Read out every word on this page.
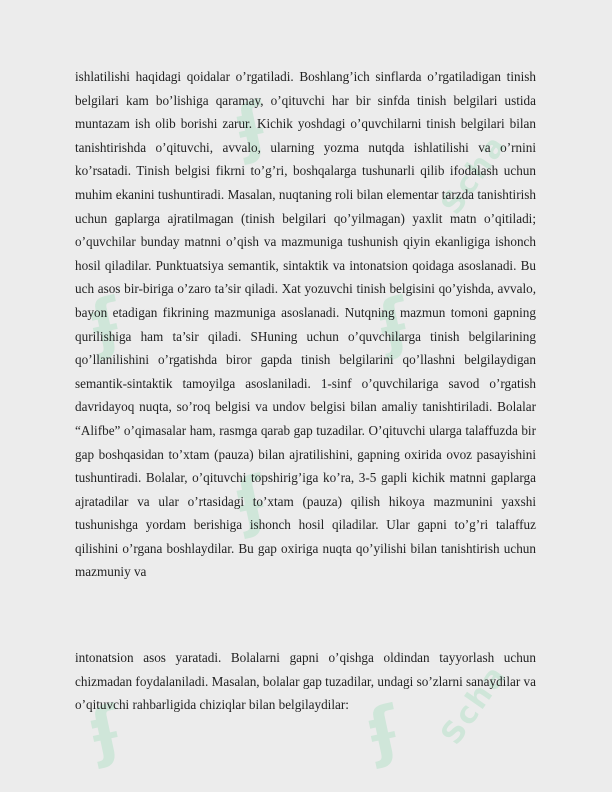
ʄ
ʄ	ʄ
ʄ
ʄ	ʄ
Scha
Scha

ishlatilishi haqidagi qoidalar o’rgatiladi. Boshlang’ich sinflarda o’rgatiladigan tinish belgilari kam bo’lishiga qaramay, o’qituvchi har bir sinfda tinish belgilari ustida muntazam ish olib borishi zarur. Kichik yoshdagi o’quvchilarni tinish belgilari bilan tanishtirishda o’qituvchi, avvalo, ularning yozma nutqda ishlatilishi va o’rnini ko’rsatadi. Tinish belgisi fikrni to’g’ri, boshqalarga tushunarli qilib ifodalash uchun muhim ekanini tushuntiradi. Masalan, nuqtaning roli bilan elementar tarzda tanishtirish uchun gaplarga ajratilmagan (tinish belgilari qo’yilmagan) yaxlit matn o’qitiladi; o’quvchilar bunday matnni o’qish va mazmuniga tushunish qiyin ekanligiga ishonch hosil qiladilar. Punktuatsiya semantik, sintaktik va intonatsion qoidaga asoslanadi. Bu uch asos bir-biriga o’zaro ta’sir qiladi. Xat yozuvchi tinish belgisini qo’yishda, avvalo, bayon etadigan fikrining mazmuniga asoslanadi. Nutqning mazmun tomoni gapning qurilishiga ham ta’sir qiladi. SHuning uchun o’quvchilarga tinish belgilarining qo’llanilishini o’rgatishda biror gapda tinish belgilarini qo’llashni belgilaydigan semantik-sintaktik tamoyilga asoslaniladi. 1-sinf o’quvchilariga savod o’rgatish davridayoq nuqta, so’roq belgisi va undov belgisi bilan amaliy tanishtiriladi. Bolalar “Alifbe” o’qimasalar ham, rasmga qarab gap tuzadilar. O’qituvchi ularga talaffuzda bir gap boshqasidan to’xtam (pauza) bilan ajratilishini, gapning oxirida ovoz pasayishini tushuntiradi. Bolalar, o’qituvchi topshirig’iga ko’ra, 3-5 gapli kichik matnni gaplarga ajratadilar va ular o’rtasidagi to’xtam (pauza) qilish hikoya mazmunini yaxshi tushunishga yordam berishiga ishonch hosil qiladilar. Ular gapni to’g’ri talaffuz qilishini o’rgana boshlaydilar. Bu gap oxiriga nuqta qo’yilishi bilan tanishtirish uchun mazmuniy va

intonatsion asos yaratadi. Bolalarni gapni o’qishga oldindan tayyorlash uchun chizmadan foydalaniladi. Masalan, bolalar gap tuzadilar, undagi so’zlarni sanaydilar va o’qituvchi rahbarligida chiziqlar bilan belgilaydilar:
